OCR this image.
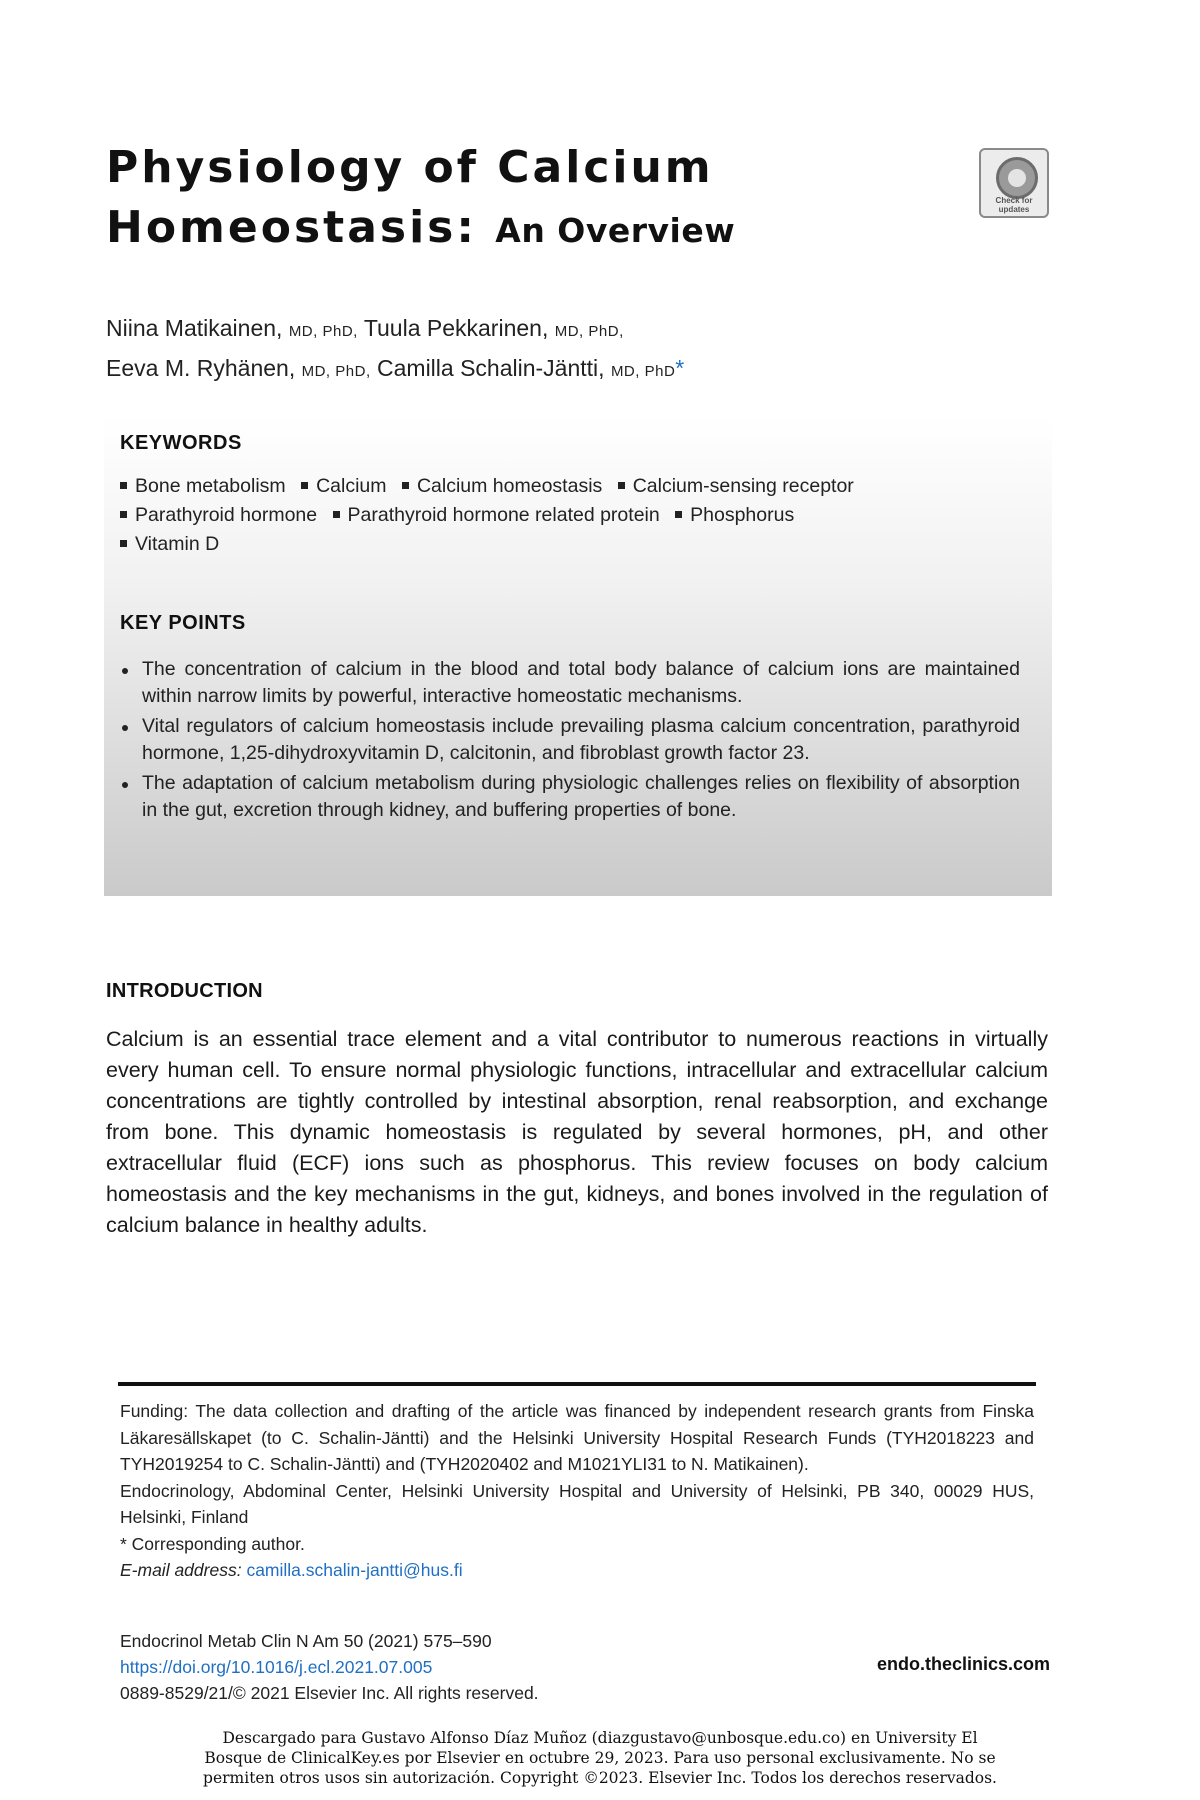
Physiology of Calcium
Homeostasis: An Overview
Check for updates
Niina Matikainen, MD, PhD, Tuula Pekkarinen, MD, PhD,
Eeva M. Ryhänen, MD, PhD, Camilla Schalin-Jäntti, MD, PhD*
KEYWORDS
Bone metabolism Calcium Calcium homeostasis Calcium-sensing receptor
Parathyroid hormone Parathyroid hormone related protein Phosphorus
Vitamin D
KEY POINTS
The concentration of calcium in the blood and total body balance of calcium ions are maintained within narrow limits by powerful, interactive homeostatic mechanisms.
Vital regulators of calcium homeostasis include prevailing plasma calcium concentration, parathyroid hormone, 1,25-dihydroxyvitamin D, calcitonin, and fibroblast growth factor 23.
The adaptation of calcium metabolism during physiologic challenges relies on flexibility of absorption in the gut, excretion through kidney, and buffering properties of bone.
INTRODUCTION

Calcium is an essential trace element and a vital contributor to numerous reactions in virtually every human cell. To ensure normal physiologic functions, intracellular and extracellular calcium concentrations are tightly controlled by intestinal absorption, renal reabsorption, and exchange from bone. This dynamic homeostasis is regulated by several hormones, pH, and other extracellular fluid (ECF) ions such as phosphorus. This review focuses on body calcium homeostasis and the key mechanisms in the gut, kidneys, and bones involved in the regulation of calcium balance in healthy adults.

Funding: The data collection and drafting of the article was financed by independent research grants from Finska Läkaresällskapet (to C. Schalin-Jäntti) and the Helsinki University Hospital Research Funds (TYH2018223 and TYH2019254 to C. Schalin-Jäntti) and (TYH2020402 and M1021YLI31 to N. Matikainen).

Endocrinology, Abdominal Center, Helsinki University Hospital and University of Helsinki, PB 340, 00029 HUS, Helsinki, Finland

* Corresponding author.

E-mail address: camilla.schalin-jantti@hus.fi

Endocrinol Metab Clin N Am 50 (2021) 575–590

https://doi.org/10.1016/j.ecl.2021.07.005

0889-8529/21/© 2021 Elsevier Inc. All rights reserved.

endo.theclinics.com

Descargado para Gustavo Alfonso Díaz Muñoz (diazgustavo@unbosque.edu.co) en University El

Bosque de ClinicalKey.es por Elsevier en octubre 29, 2023. Para uso personal exclusivamente. No se

permiten otros usos sin autorización. Copyright ©2023. Elsevier Inc. Todos los derechos reservados.
